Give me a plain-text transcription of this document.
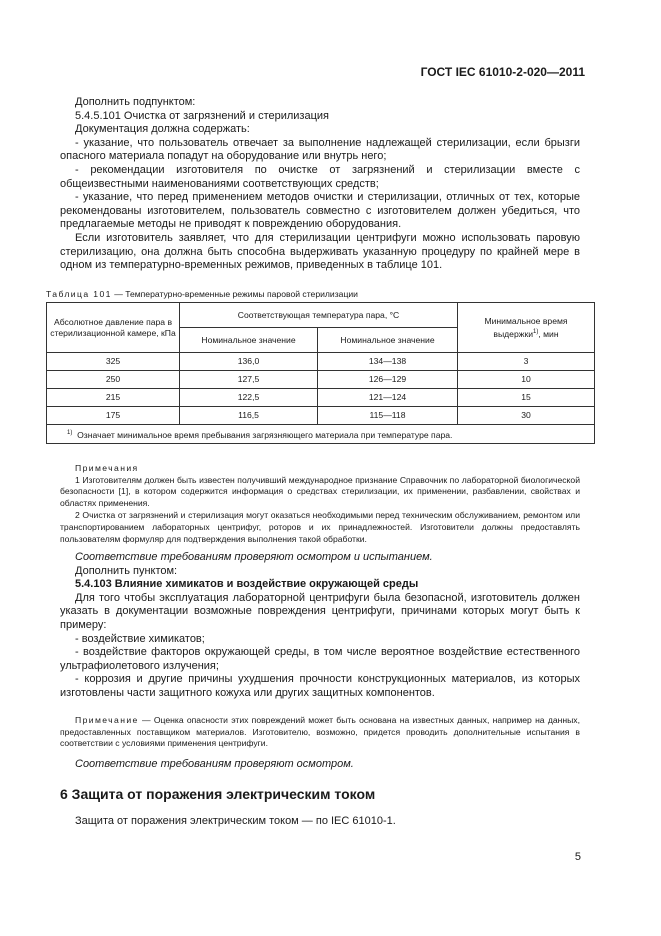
ГОСТ IEC 61010-2-020—2011

Дополнить подпунктом:

5.4.5.101 Очистка от загрязнений и стерилизация

Документация должна содержать:

- указание, что пользователь отвечает за выполнение надлежащей стерилизации, если брызги опасного материала попадут на оборудование или внутрь него;

- рекомендации изготовителя по очистке от загрязнений и стерилизации вместе с общеизвестными наименованиями соответствующих средств;

- указание, что перед применением методов очистки и стерилизации, отличных от тех, которые рекомендованы изготовителем, пользователь совместно с изготовителем должен убедиться, что предлагаемые методы не приводят к повреждению оборудования.

Если изготовитель заявляет, что для стерилизации центрифуги можно использовать паровую стерилизацию, она должна быть способна выдерживать указанную процедуру по крайней мере в одном из температурно-временных режимов, приведенных в таблице 101.

Таблица 101 — Температурно-временные режимы паровой стерилизации
Абсолютное давление пара в стерилизационной камере, кПа	Соответствующая температура пара, °С		Минимальное время выдержки$^{1)}$, мин
	Номинальное значение	Номинальное значение	
325	136,0	134—138	3
250	127,5	126—129	10
215	122,5	121—124	15
175	116,5	115—118	30
$^{1)}$ Означает минимальное время пребывания загрязняющего материала при температуре пара.			

Примечания

1 Изготовителям должен быть известен получивший международное признание Справочник по лабораторной биологической безопасности [1], в котором содержится информация о средствах стерилизации, их применении, разбавлении, свойствах и областях применения.

2 Очистка от загрязнений и стерилизация могут оказаться необходимыми перед техническим обслуживанием, ремонтом или транспортированием лабораторных центрифуг, роторов и их принадлежностей. Изготовители должны предоставлять пользователям формуляр для подтверждения выполнения такой обработки.

Соответствие требованиям проверяют осмотром и испытанием.

Дополнить пунктом:

5.4.103 Влияние химикатов и воздействие окружающей среды

Для того чтобы эксплуатация лабораторной центрифуги была безопасной, изготовитель должен указать в документации возможные повреждения центрифуги, причинами которых могут быть к примеру:

- воздействие химикатов;

- воздействие факторов окружающей среды, в том числе вероятное воздействие естественного ультрафиолетового излучения;

- коррозия и другие причины ухудшения прочности конструкционных материалов, из которых изготовлены части защитного кожуха или других защитных компонентов.

Примечание — Оценка опасности этих повреждений может быть основана на известных данных, например на данных, предоставленных поставщиком материалов. Изготовителю, возможно, придется проводить дополнительные испытания в соответствии с условиями применения центрифуги.

Соответствие требованиям проверяют осмотром.

6 Защита от поражения электрическим током

Защита от поражения электрическим током — по IEC 61010-1.

5
